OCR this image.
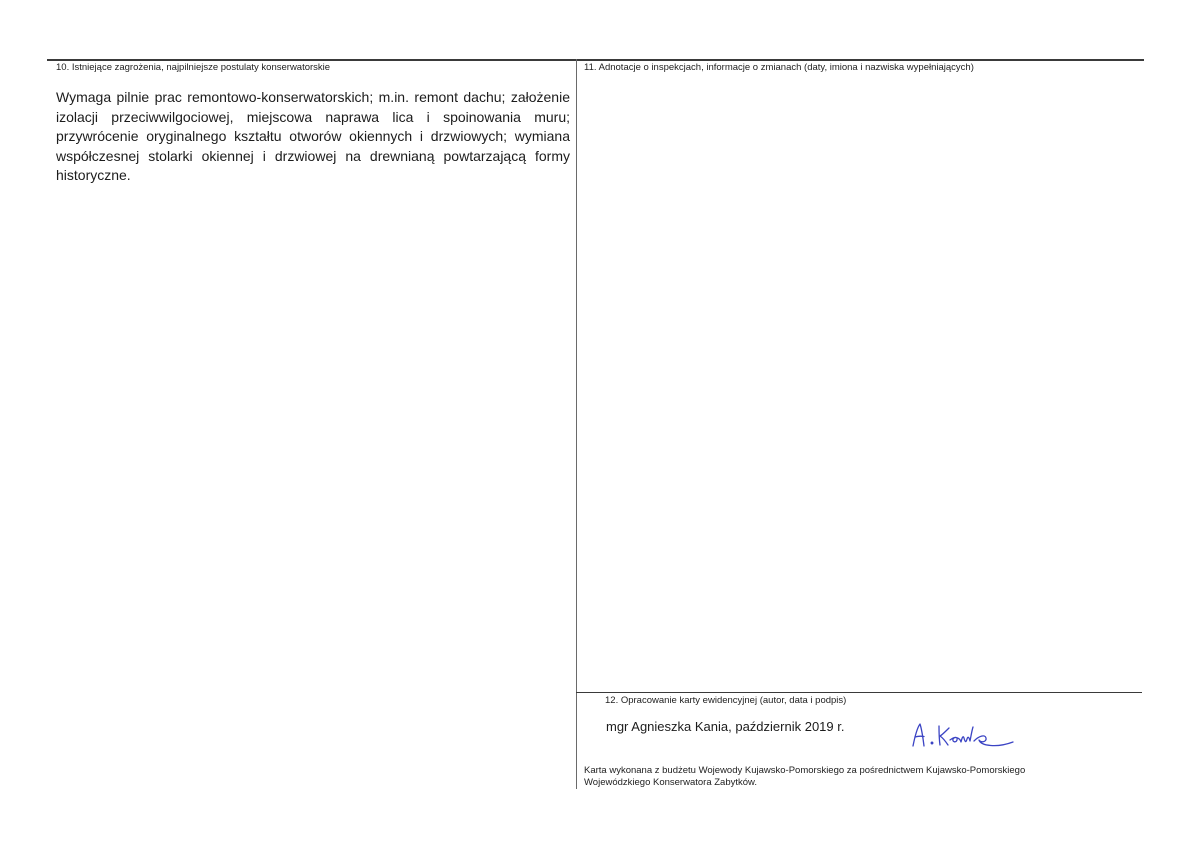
10. Istniejące zagrożenia, najpilniejsze postulaty konserwatorskie
Wymaga pilnie prac remontowo-konserwatorskich; m.in. remont dachu; założenie izolacji przeciwwilgociowej, miejscowa naprawa lica i spoinowania muru; przywrócenie oryginalnego kształtu otworów okiennych i drzwiowych; wymiana współczesnej stolarki okiennej i drzwiowej na drewnianą powtarzającą formy historyczne.
11. Adnotacje o inspekcjach, informacje o zmianach (daty, imiona i nazwiska wypełniających)
12. Opracowanie karty ewidencyjnej (autor, data i podpis)
mgr Agnieszka Kania, październik 2019 r.
Karta wykonana z budżetu Wojewody Kujawsko-Pomorskiego za pośrednictwem Kujawsko-Pomorskiego
Wojewódzkiego Konserwatora Zabytków.
